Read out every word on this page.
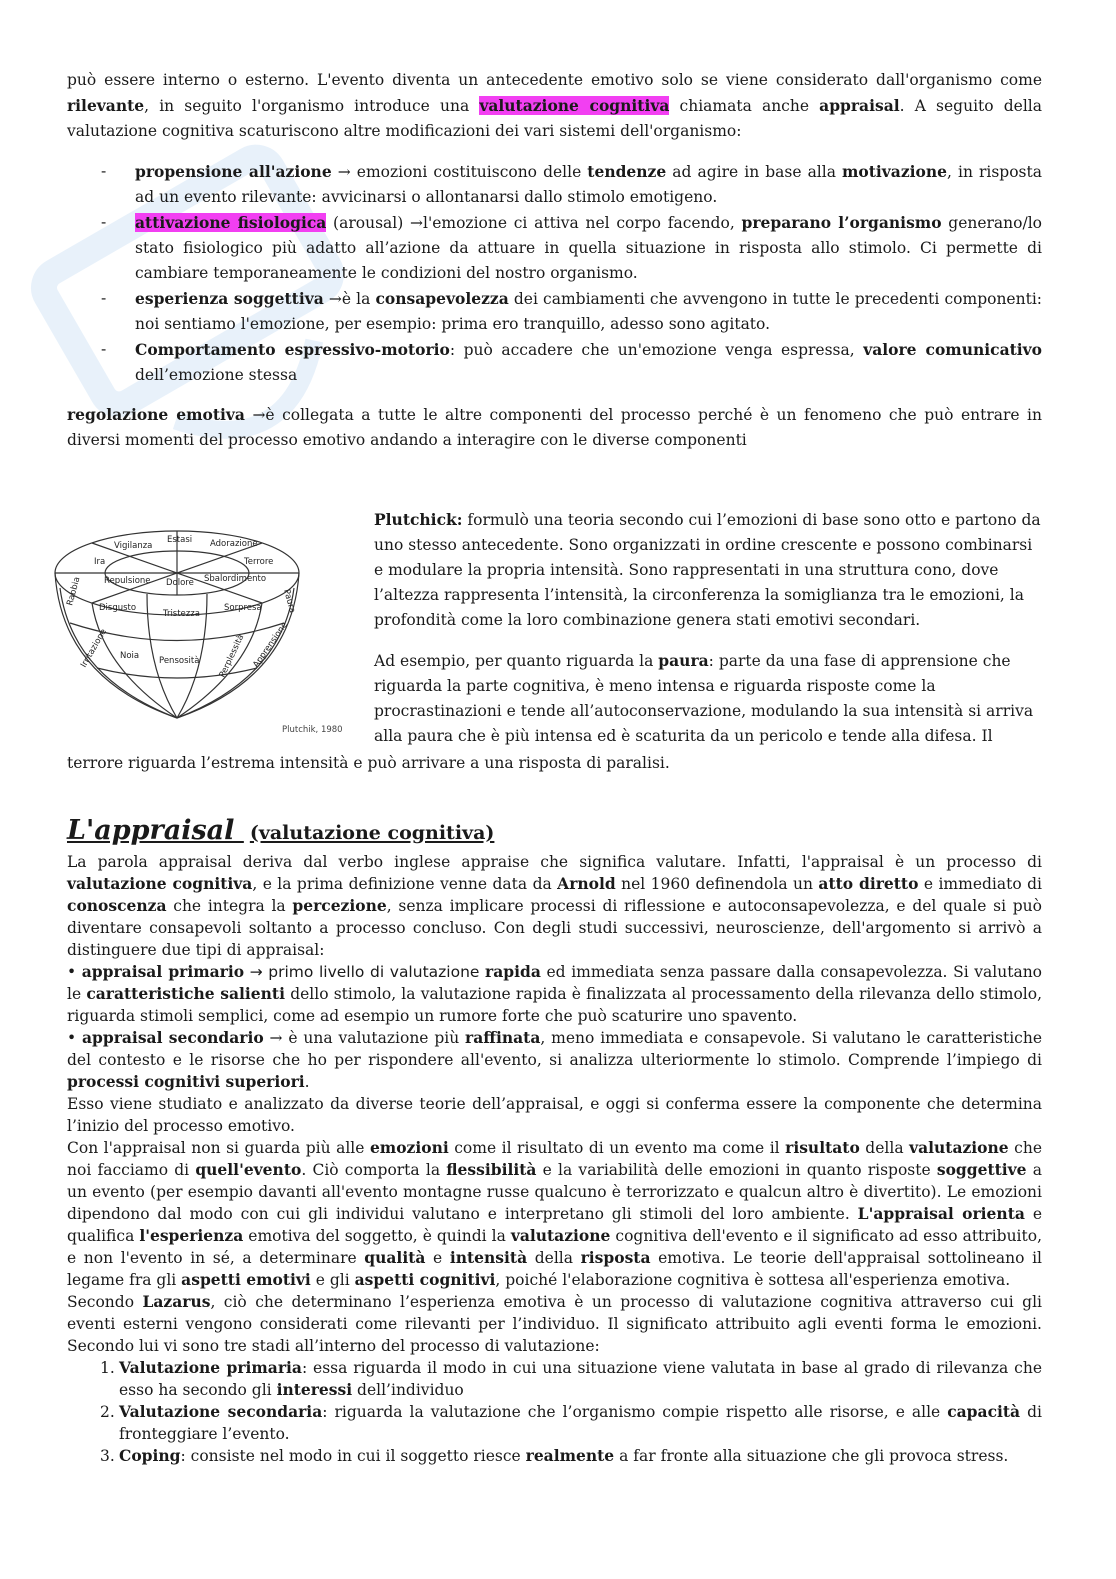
può essere interno o esterno. L'evento diventa un antecedente emotivo solo se viene considerato dall'organismo come rilevante, in seguito l'organismo introduce una valutazione cognitiva chiamata anche appraisal. A seguito della valutazione cognitiva scaturiscono altre modificazioni dei vari sistemi dell'organismo:

- propensione all'azione → emozioni costituiscono delle tendenze ad agire in base alla motivazione, in risposta ad un evento rilevante: avvicinarsi o allontanarsi dallo stimolo emotigeno.

- attivazione fisiologica (arousal) →l'emozione ci attiva nel corpo facendo, preparano l’organismo generano/lo stato fisiologico più adatto all’azione da attuare in quella situazione in risposta allo stimolo. Ci permette di cambiare temporaneamente le condizioni del nostro organismo.

- esperienza soggettiva →è la consapevolezza dei cambiamenti che avvengono in tutte le precedenti componenti: noi sentiamo l'emozione, per esempio: prima ero tranquillo, adesso sono agitato.

- Comportamento espressivo-motorio: può accadere che un'emozione venga espressa, valore comunicativo dell’emozione stessa

regolazione emotiva →è collegata a tutte le altre componenti del processo perché è un fenomeno che può entrare in diversi momenti del processo emotivo andando a interagire con le diverse componenti
Estasi
Vigilanza	Adorazione
Ira	Terrore
Repulsione Dolore Sbalordimento
Rabbia	Paura
Disgusto
Tristezza
Sorpresa
Irritazione Noia Pensosità Perplessità Apprensione
Plutchik, 1980

Plutchick: formulò una teoria secondo cui l’emozioni di base sono otto e partono da uno stesso antecedente. Sono organizzati in ordine crescente e possono combinarsi e modulare la propria intensità. Sono rappresentati in una struttura cono, dove l’altezza rappresenta l’intensità, la circonferenza la somiglianza tra le emozioni, la profondità come la loro combinazione genera stati emotivi secondari.

Ad esempio, per quanto riguarda la paura: parte da una fase di apprensione che riguarda la parte cognitiva, è meno intensa e riguarda risposte come la procrastinazioni e tende all’autoconservazione, modulando la sua intensità si arriva alla paura che è più intensa ed è scaturita da un pericolo e tende alla difesa. Il

terrore riguarda l’estrema intensità e può arrivare a una risposta di paralisi.
L'appraisal (valutazione cognitiva)

La parola appraisal deriva dal verbo inglese appraise che significa valutare. Infatti, l'appraisal è un processo di valutazione cognitiva, e la prima definizione venne data da Arnold nel 1960 definendola un atto diretto e immediato di conoscenza che integra la percezione, senza implicare processi di riflessione e autoconsapevolezza, e del quale si può diventare consapevoli soltanto a processo concluso. Con degli studi successivi, neuroscienze, dell'argomento si arrivò a distinguere due tipi di appraisal:

• appraisal primario → primo livello di valutazione rapida ed immediata senza passare dalla consapevolezza. Si valutano le caratteristiche salienti dello stimolo, la valutazione rapida è finalizzata al processamento della rilevanza dello stimolo, riguarda stimoli semplici, come ad esempio un rumore forte che può scaturire uno spavento.

• appraisal secondario → è una valutazione più raffinata, meno immediata e consapevole. Si valutano le caratteristiche del contesto e le risorse che ho per rispondere all'evento, si analizza ulteriormente lo stimolo. Comprende l’impiego di processi cognitivi superiori.

Esso viene studiato e analizzato da diverse teorie dell’appraisal, e oggi si conferma essere la componente che determina l’inizio del processo emotivo.

Con l'appraisal non si guarda più alle emozioni come il risultato di un evento ma come il risultato della valutazione che noi facciamo di quell'evento. Ciò comporta la flessibilità e la variabilità delle emozioni in quanto risposte soggettive a un evento (per esempio davanti all'evento montagne russe qualcuno è terrorizzato e qualcun altro è divertito). Le emozioni dipendono dal modo con cui gli individui valutano e interpretano gli stimoli del loro ambiente. L'appraisal orienta e qualifica l'esperienza emotiva del soggetto, è quindi la valutazione cognitiva dell'evento e il significato ad esso attribuito, e non l'evento in sé, a determinare qualità e intensità della risposta emotiva. Le teorie dell'appraisal sottolineano il legame fra gli aspetti emotivi e gli aspetti cognitivi, poiché l'elaborazione cognitiva è sottesa all'esperienza emotiva.

Secondo Lazarus, ciò che determinano l’esperienza emotiva è un processo di valutazione cognitiva attraverso cui gli eventi esterni vengono considerati come rilevanti per l’individuo. Il significato attribuito agli eventi forma le emozioni. Secondo lui vi sono tre stadi all’interno del processo di valutazione:

1. Valutazione primaria: essa riguarda il modo in cui una situazione viene valutata in base al grado di rilevanza che esso ha secondo gli interessi dell’individuo
2. Valutazione secondaria: riguarda la valutazione che l’organismo compie rispetto alle risorse, e alle capacità di fronteggiare l’evento.
3. Coping: consiste nel modo in cui il soggetto riesce realmente a far fronte alla situazione che gli provoca stress.
